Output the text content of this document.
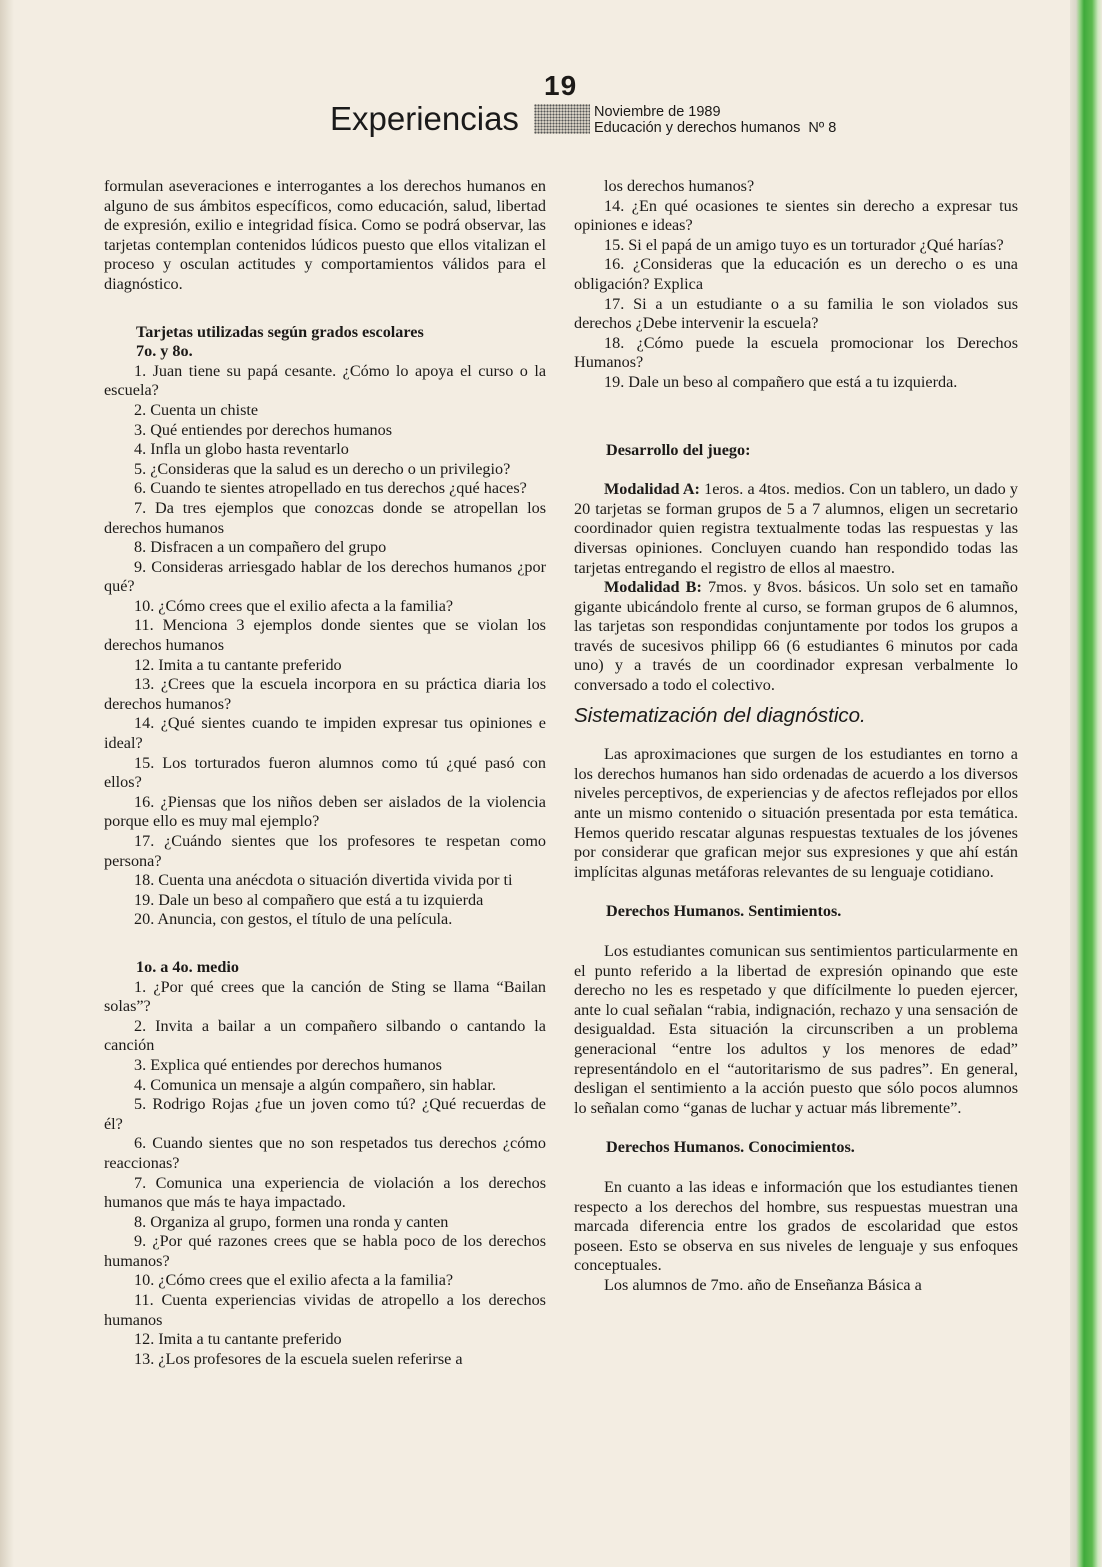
19
Experiencias	Noviembre de 1989
Educación y derechos humanos Nº 8

formulan aseveraciones e interrogantes a los derechos humanos en alguno de sus ámbitos específicos, como educación, salud, libertad de expresión, exilio e integridad física. Como se podrá observar, las tarjetas contemplan contenidos lúdicos puesto que ellos vitalizan el proceso y osculan actitudes y comportamientos válidos para el diagnóstico.

Tarjetas utilizadas según grados escolares

7o. y 8o.

1. Juan tiene su papá cesante. ¿Cómo lo apoya el curso o la escuela?

2. Cuenta un chiste

3. Qué entiendes por derechos humanos

4. Infla un globo hasta reventarlo

5. ¿Consideras que la salud es un derecho o un privilegio?

6. Cuando te sientes atropellado en tus derechos ¿qué haces?

7. Da tres ejemplos que conozcas donde se atropellan los derechos humanos

8. Disfracen a un compañero del grupo

9. Consideras arriesgado hablar de los derechos humanos ¿por qué?

10. ¿Cómo crees que el exilio afecta a la familia?

11. Menciona 3 ejemplos donde sientes que se violan los derechos humanos

12. Imita a tu cantante preferido

13. ¿Crees que la escuela incorpora en su práctica diaria los derechos humanos?

14. ¿Qué sientes cuando te impiden expresar tus opiniones e ideal?

15. Los torturados fueron alumnos como tú ¿qué pasó con ellos?

16. ¿Piensas que los niños deben ser aislados de la violencia porque ello es muy mal ejemplo?

17. ¿Cuándo sientes que los profesores te respetan como persona?

18. Cuenta una anécdota o situación divertida vivida por ti

19. Dale un beso al compañero que está a tu izquierda

20. Anuncia, con gestos, el título de una película.

1o. a 4o. medio

1. ¿Por qué crees que la canción de Sting se llama “Bailan solas”?

2. Invita a bailar a un compañero silbando o cantando la canción

3. Explica qué entiendes por derechos humanos

4. Comunica un mensaje a algún compañero, sin hablar.

5. Rodrigo Rojas ¿fue un joven como tú? ¿Qué recuerdas de él?

6. Cuando sientes que no son respetados tus derechos ¿cómo reaccionas?

7. Comunica una experiencia de violación a los derechos humanos que más te haya impactado.

8. Organiza al grupo, formen una ronda y canten

9. ¿Por qué razones crees que se habla poco de los derechos humanos?

10. ¿Cómo crees que el exilio afecta a la familia?

11. Cuenta experiencias vividas de atropello a los derechos humanos

12. Imita a tu cantante preferido

13. ¿Los profesores de la escuela suelen referirse a

los derechos humanos?

14. ¿En qué ocasiones te sientes sin derecho a expresar tus opiniones e ideas?

15. Si el papá de un amigo tuyo es un torturador ¿Qué harías?

16. ¿Consideras que la educación es un derecho o es una obligación? Explica

17. Si a un estudiante o a su familia le son violados sus derechos ¿Debe intervenir la escuela?

18. ¿Cómo puede la escuela promocionar los Derechos Humanos?

19. Dale un beso al compañero que está a tu izquierda.

Desarrollo del juego:

Modalidad A: 1eros. a 4tos. medios. Con un tablero, un dado y 20 tarjetas se forman grupos de 5 a 7 alumnos, eligen un secretario coordinador quien registra textualmente todas las respuestas y las diversas opiniones. Concluyen cuando han respondido todas las tarjetas entregando el registro de ellos al maestro.

Modalidad B: 7mos. y 8vos. básicos. Un solo set en tamaño gigante ubicándolo frente al curso, se forman grupos de 6 alumnos, las tarjetas son respondidas conjuntamente por todos los grupos a través de sucesivos philipp 66 (6 estudiantes 6 minutos por cada uno) y a través de un coordinador expresan verbalmente lo conversado a todo el colectivo.

Sistematización del diagnóstico.

Las aproximaciones que surgen de los estudiantes en torno a los derechos humanos han sido ordenadas de acuerdo a los diversos niveles perceptivos, de experiencias y de afectos reflejados por ellos ante un mismo contenido o situación presentada por esta temática. Hemos querido rescatar algunas respuestas textuales de los jóvenes por considerar que grafican mejor sus expresiones y que ahí están implícitas algunas metáforas relevantes de su lenguaje cotidiano.

Derechos Humanos. Sentimientos.

Los estudiantes comunican sus sentimientos particularmente en el punto referido a la libertad de expresión opinando que este derecho no les es respetado y que difícilmente lo pueden ejercer, ante lo cual señalan “rabia, indignación, rechazo y una sensación de desigualdad. Esta situación la circunscriben a un problema generacional “entre los adultos y los menores de edad” representándolo en el “autoritarismo de sus padres”. En general, desligan el sentimiento a la acción puesto que sólo pocos alumnos lo señalan como “ganas de luchar y actuar más libremente”.

Derechos Humanos. Conocimientos.

En cuanto a las ideas e información que los estudiantes tienen respecto a los derechos del hombre, sus respuestas muestran una marcada diferencia entre los grados de escolaridad que estos poseen. Esto se observa en sus niveles de lenguaje y sus enfoques conceptuales.

Los alumnos de 7mo. año de Enseñanza Básica a
